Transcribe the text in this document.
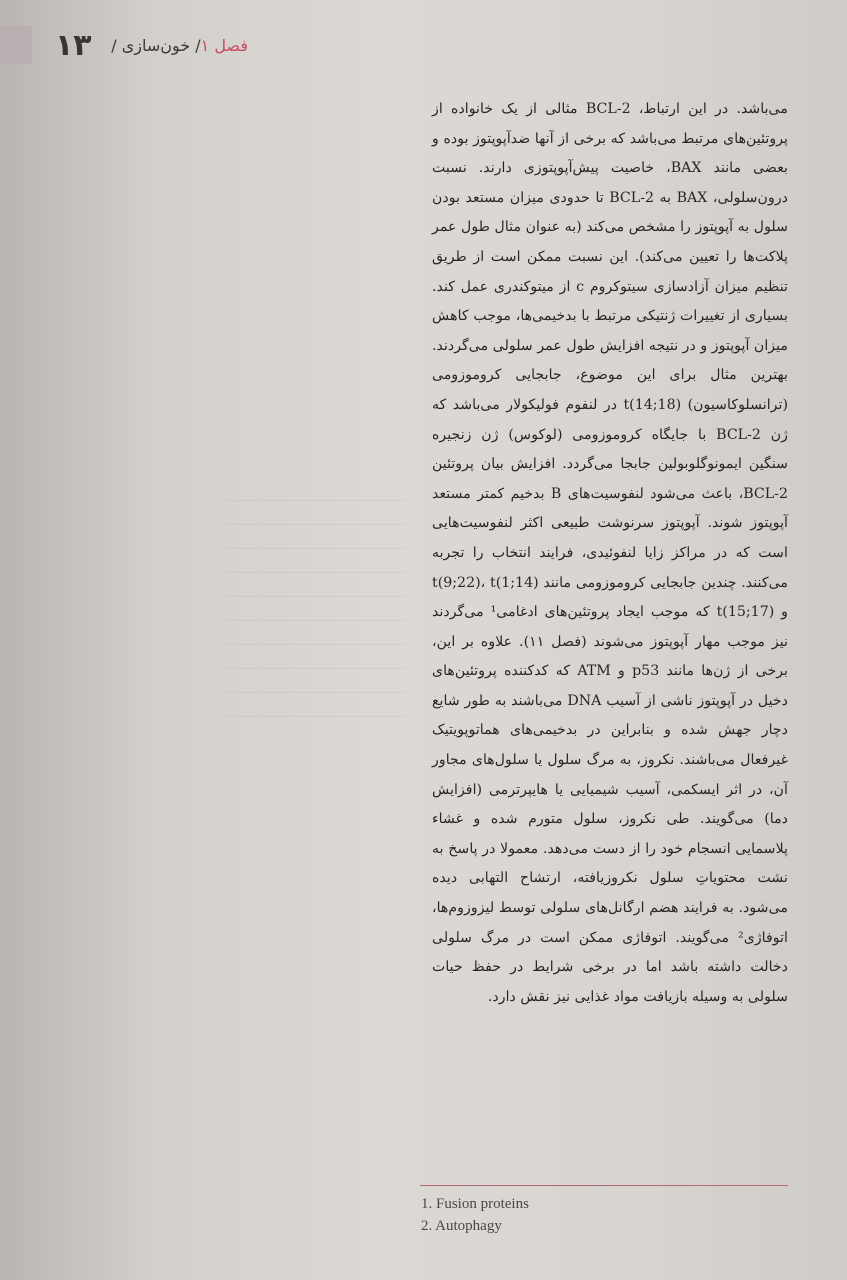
۱۳	فصل ۱/ خون‌سازی /

می‌باشد. در این ارتباط، BCL-2 مثالی از یک خانواده از پروتئین‌های مرتبط می‌باشد که برخی از آنها ضدآپوپتوز بوده و بعضی مانند BAX، خاصیت پیش‌آپوپتوزی دارند. نسبت درون‌سلولی، BAX به BCL-2 تا حدودی میزان مستعد بودن سلول به آپوپتوز را مشخص می‌کند (به عنوان مثال طول عمر پلاکت‌ها را تعیین می‌کند). این نسبت ممکن است از طریق تنظیم میزان آزادسازی سیتوکروم c از میتوکندری عمل کند. بسیاری از تغییرات ژنتیکی مرتبط با بدخیمی‌ها، موجب کاهش میزان آپوپتوز و در نتیجه افزایش طول عمر سلولی می‌گردند. بهترین مثال برای این موضوع، جابجایی کروموزومی (ترانسلوکاسیون) t(14;18) در لنفوم فولیکولار می‌باشد که ژن BCL-2 با جایگاه کروموزومی (لوکوس) ژن زنجیره سنگین ایمونوگلوبولین جابجا می‌گردد. افزایش بیان پروتئین BCL-2، باعث می‌شود لنفوسیت‌های B بدخیم کمتر مستعد آپوپتوز شوند. آپوپتوز سرنوشت طبیعی اکثر لنفوسیت‌هایی است که در مراکز زایا لنفوئیدی، فرایند انتخاب را تجربه می‌کنند. چندین جابجایی کروموزومی مانند t(9;22)، t(1;14) و t(15;17) که موجب ایجاد پروتئین‌های ادغامی¹ می‌گردند نیز موجب مهار آپوپتوز می‌شوند (فصل ۱۱). علاوه بر این، برخی از ژن‌ها مانند p53 و ATM که کدکننده پروتئین‌های دخیل در آپوپتوز ناشی از آسیب DNA می‌باشند به طور شایع دچار جهش شده و بنابراین در بدخیمی‌های هماتوپویتیک غیرفعال می‌باشند. نکروز، به مرگ سلول یا سلول‌های مجاور آن، در اثر ایسکمی، آسیب شیمیایی یا هایپرترمی (افزایش دما) می‌گویند. طی نکروز، سلول متورم شده و غشاء پلاسمایی انسجام خود را از دست می‌دهد. معمولا در پاسخ به نشت محتویاتِ سلول نکروزیافته، ارتشاح التهابی دیده می‌شود. به فرایند هضم ارگانل‌های سلولی توسط لیزوزوم‌ها، اتوفاژی² می‌گویند. اتوفاژی ممکن است در مرگ سلولی دخالت داشته باشد اما در برخی شرایط در حفظ حیات سلولی به وسیله بازیافت مواد غذایی نیز نقش دارد.

1. Fusion proteins
2. Autophagy
